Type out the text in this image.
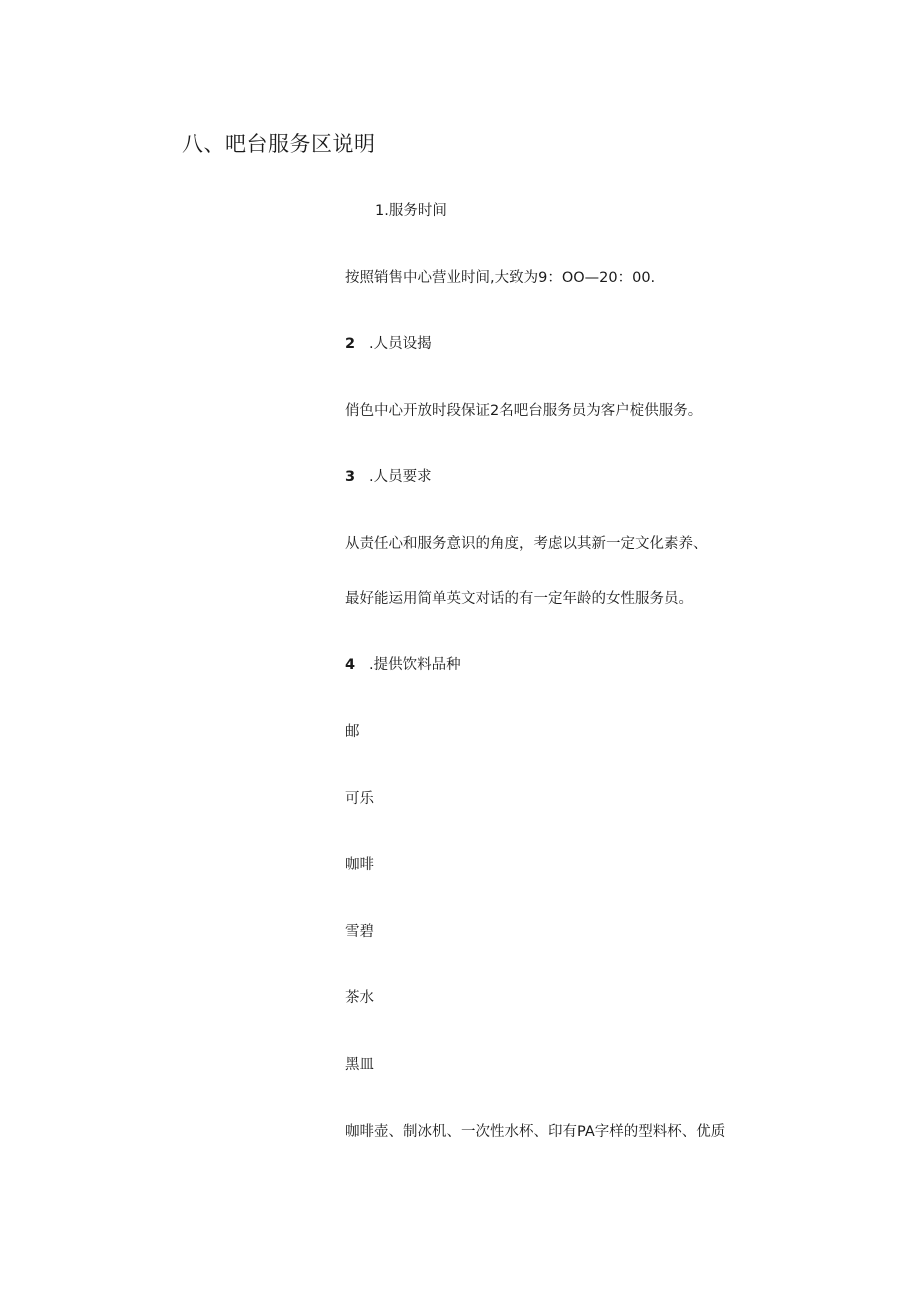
八、吧台服务区说明
1.服务时间
按照销售中心营业时间,大致为9：OO—20：00.
2 .人员设揭
俏色中心开放时段保证2名吧台服务员为客户椗供服务。
3 .人员要求
从责任心和服务意识的角度，考虑以其新一定文化素养、
最好能运用简单英文对话的有一定年龄的女性服务员。
4 .提供饮料品种
邮
可乐
咖啡
雪碧
茶水
黑皿
咖啡壶、制冰机、一次性水杯、印有PA字样的型料杯、优质
